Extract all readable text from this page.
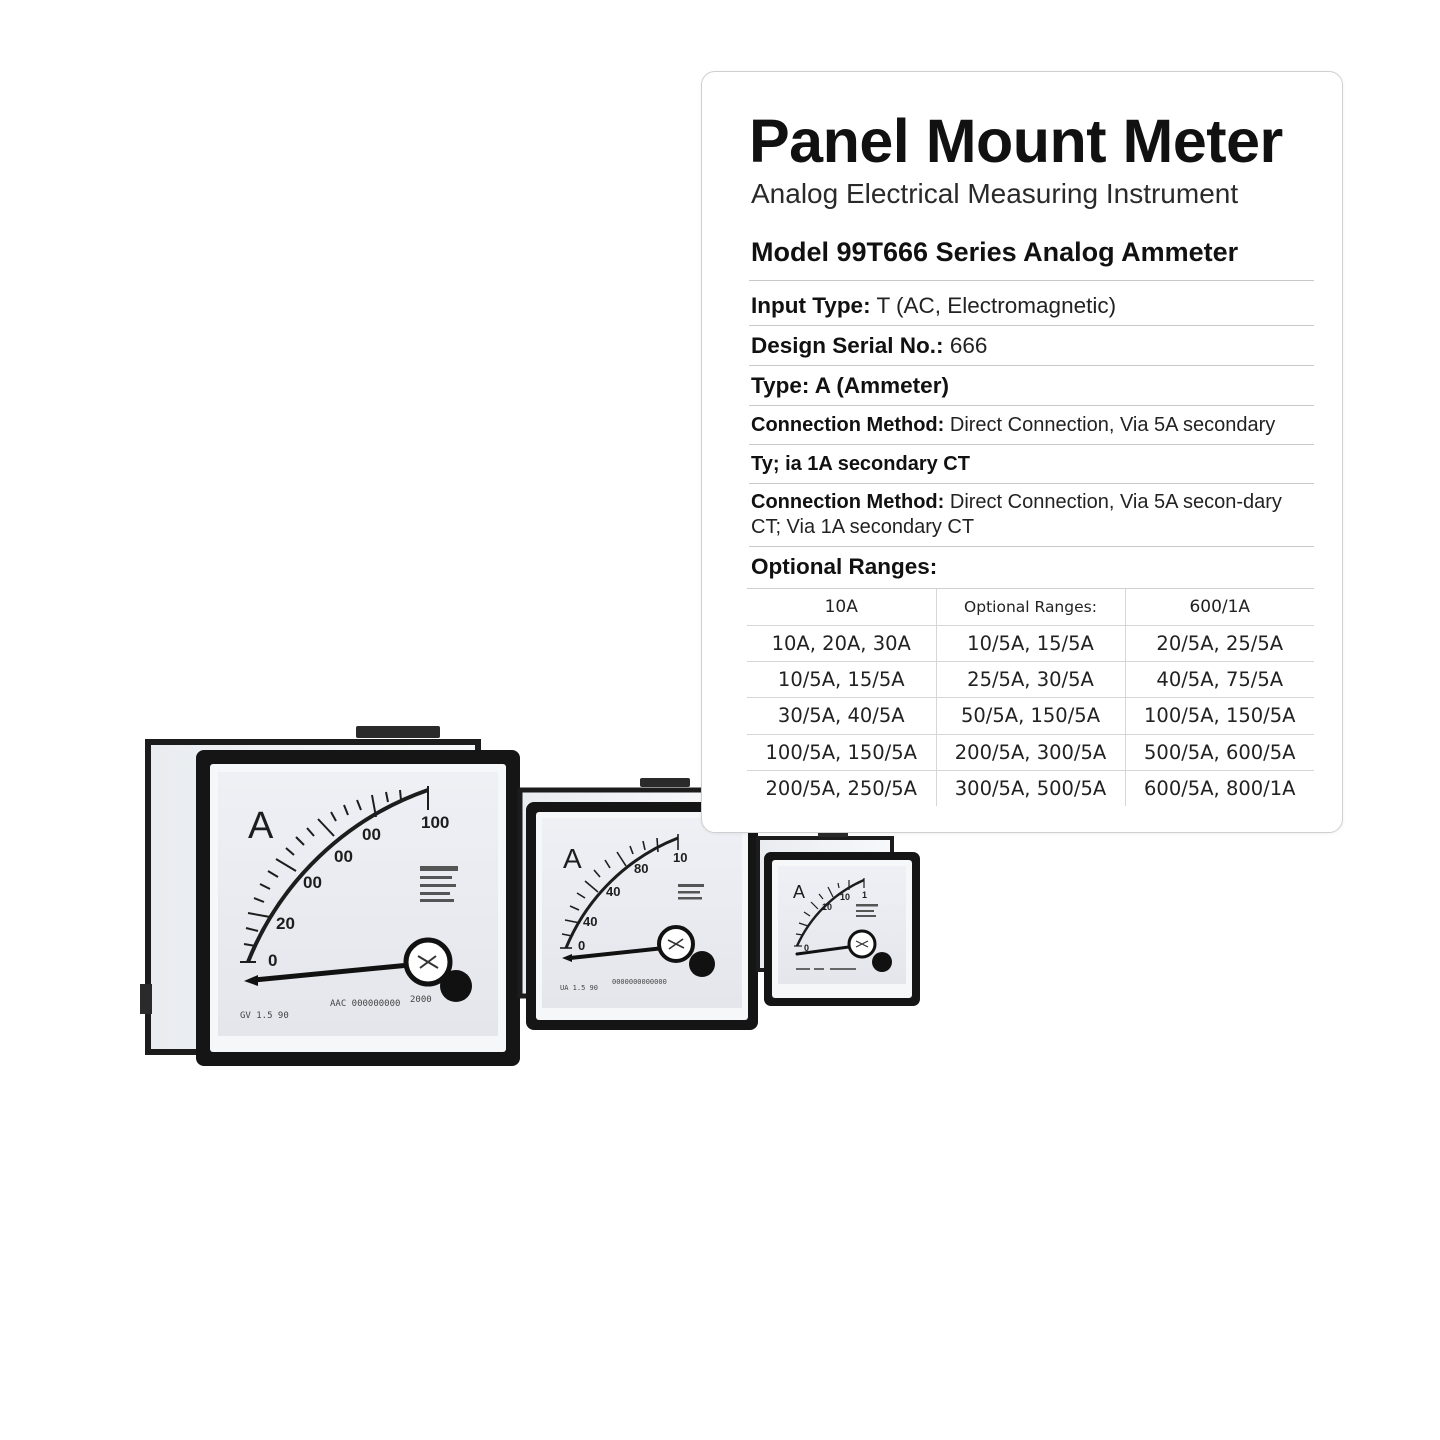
A
0
20
00
00
00
100
GV 1.5 90
AAC 000000000 2000
A
0
40
40
80
10
UA 1.5 90
0000000000000
A
0
10
10 1
Panel Mount Meter
Analog Electrical Measuring Instrument
Model 99T666 Series Analog Ammeter
Input Type: T (AC, Electromagnetic)
Design Serial No.: 666
Type: A (Ammeter)
Connection Method: Direct Connection, Via 5A secondary
Ty; ia 1A secondary CT
Connection Method: Direct Connection, Via 5A secon-dary CT; Via 1A secondary CT
Optional Ranges:
10A	Optional Ranges:	600/1A
10A, 20A, 30A	10/5A, 15/5A	20/5A, 25/5A
10/5A, 15/5A	25/5A, 30/5A	40/5A, 75/5A
30/5A, 40/5A	50/5A, 150/5A	100/5A, 150/5A
100/5A, 150/5A	200/5A, 300/5A	500/5A, 600/5A
200/5A, 250/5A	300/5A, 500/5A	600/5A, 800/1A
